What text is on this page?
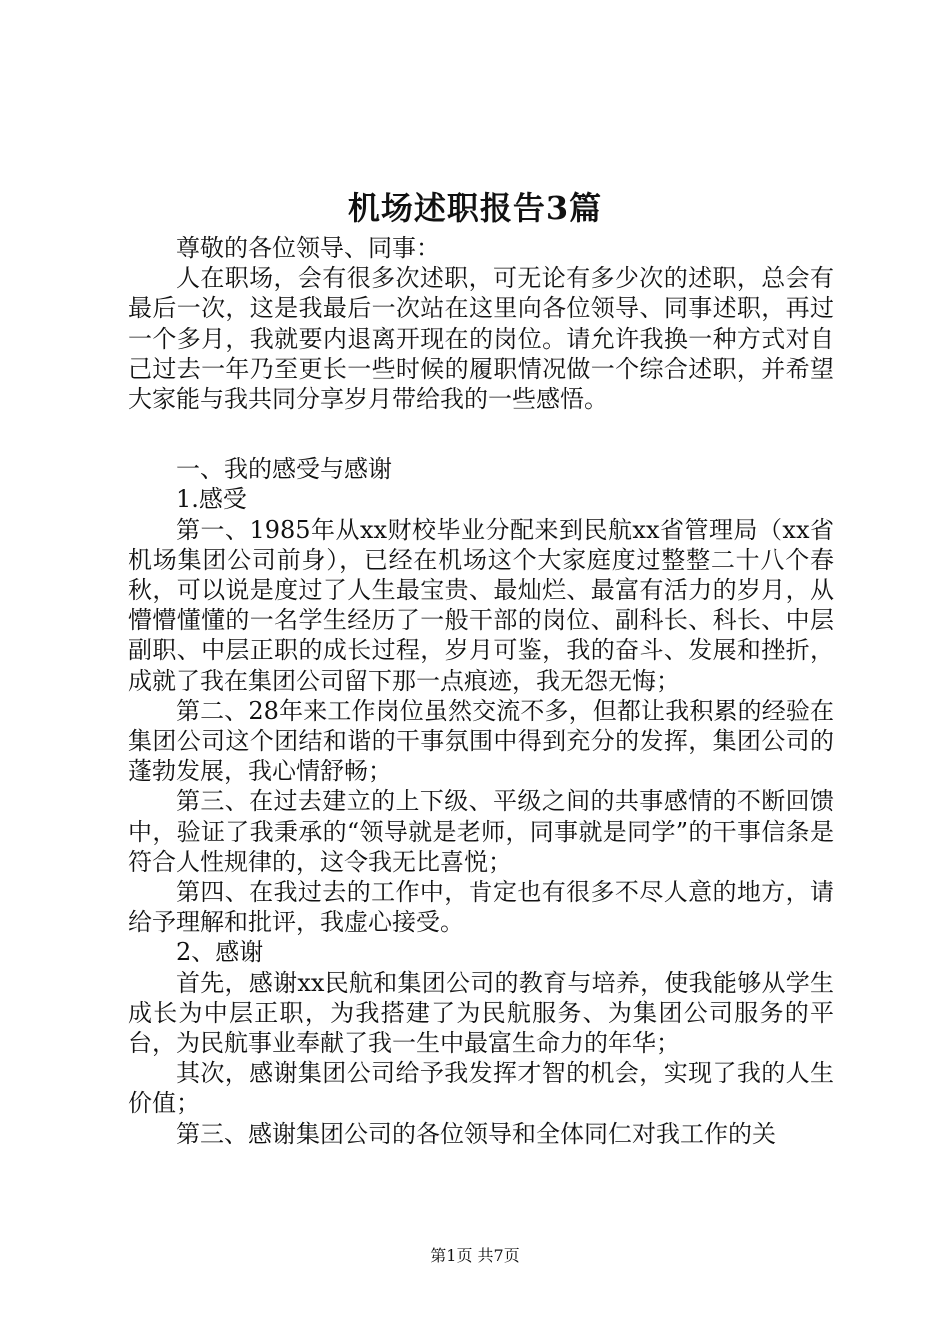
机场述职报告3篇

尊敬的各位领导、同事：

人在职场，会有很多次述职，可无论有多少次的述职，总会有最后一次，这是我最后一次站在这里向各位领导、同事述职，再过一个多月，我就要内退离开现在的岗位。请允许我换一种方式对自己过去一年乃至更长一些时候的履职情况做一个综合述职，并希望大家能与我共同分享岁月带给我的一些感悟。

一、我的感受与感谢

1.感受

第一、1985年从xx财校毕业分配来到民航xx省管理局（xx省机场集团公司前身），已经在机场这个大家庭度过整整二十八个春秋，可以说是度过了人生最宝贵、最灿烂、最富有活力的岁月，从懵懵懂懂的一名学生经历了一般干部的岗位、副科长、科长、中层副职、中层正职的成长过程，岁月可鉴，我的奋斗、发展和挫折，成就了我在集团公司留下那一点痕迹，我无怨无悔；

第二、28年来工作岗位虽然交流不多，但都让我积累的经验在集团公司这个团结和谐的干事氛围中得到充分的发挥，集团公司的蓬勃发展，我心情舒畅；

第三、在过去建立的上下级、平级之间的共事感情的不断回馈中，验证了我秉承的“领导就是老师，同事就是同学”的干事信条是符合人性规律的，这令我无比喜悦；

第四、在我过去的工作中，肯定也有很多不尽人意的地方，请给予理解和批评，我虚心接受。

2、感谢

首先，感谢xx民航和集团公司的教育与培养，使我能够从学生成长为中层正职，为我搭建了为民航服务、为集团公司服务的平台，为民航事业奉献了我一生中最富生命力的年华；

其次，感谢集团公司给予我发挥才智的机会，实现了我的人生价值；

第三、感谢集团公司的各位领导和全体同仁对我工作的关

第1页 共7页
